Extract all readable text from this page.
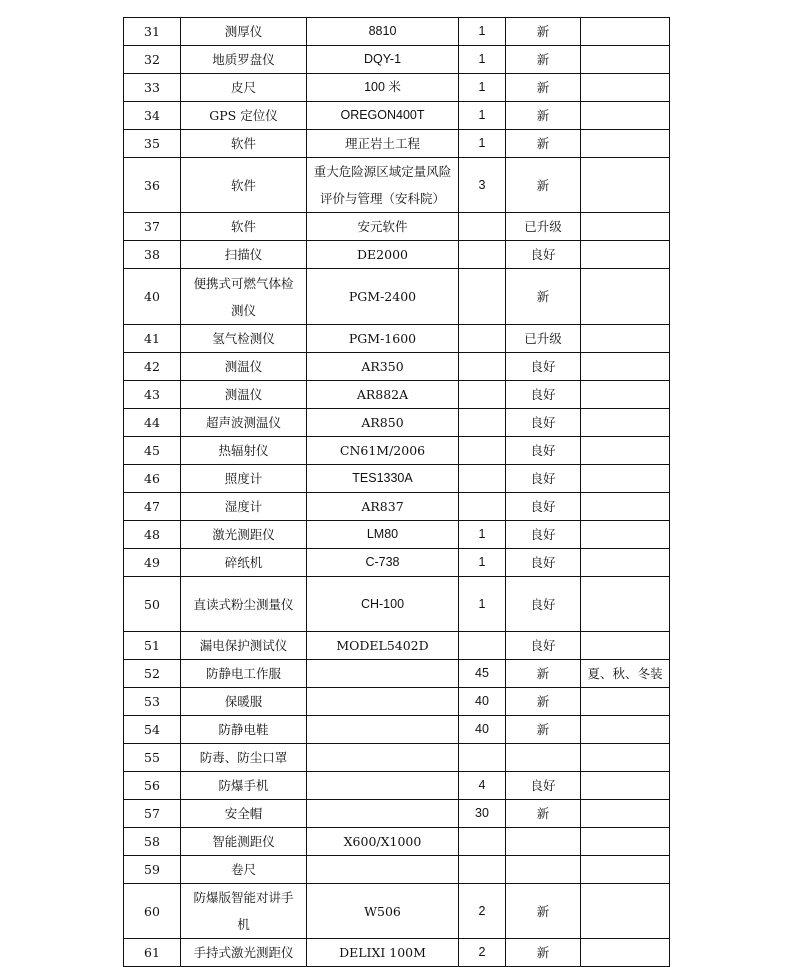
31	测厚仪	8810	1	新	
32	地质罗盘仪	DQY-1	1	新	
33	皮尺	100 米	1	新	
34	GPS 定位仪	OREGON400T	1	新	
35	软件	理正岩土工程	1	新	
36	软件	重大危险源区域定量风险评价与管理（安科院）	3	新	
37	软件	安元软件		已升级	
38	扫描仪	DE2000		良好	
40	便携式可燃气体检测仪	PGM-2400		新	
41	氢气检测仪	PGM-1600		已升级	
42	测温仪	AR350		良好	
43	测温仪	AR882A		良好	
44	超声波测温仪	AR850		良好	
45	热辐射仪	CN61M/2006		良好	
46	照度计	TES1330A		良好	
47	湿度计	AR837		良好	
48	激光测距仪	LM80	1	良好	
49	碎纸机	C-738	1	良好	
50	直读式粉尘测量仪	CH-100	1	良好	
51	漏电保护测试仪	MODEL5402D		良好	
52	防静电工作服		45	新	夏、秋、冬装
53	保暖服		40	新	
54	防静电鞋		40	新	
55	防毒、防尘口罩				
56	防爆手机		4	良好	
57	安全帽		30	新	
58	智能测距仪	X600/X1000			
59	卷尺				
60	防爆版智能对讲手机	W506	2	新	
61	手持式激光测距仪	DELIXI 100M	2	新	
